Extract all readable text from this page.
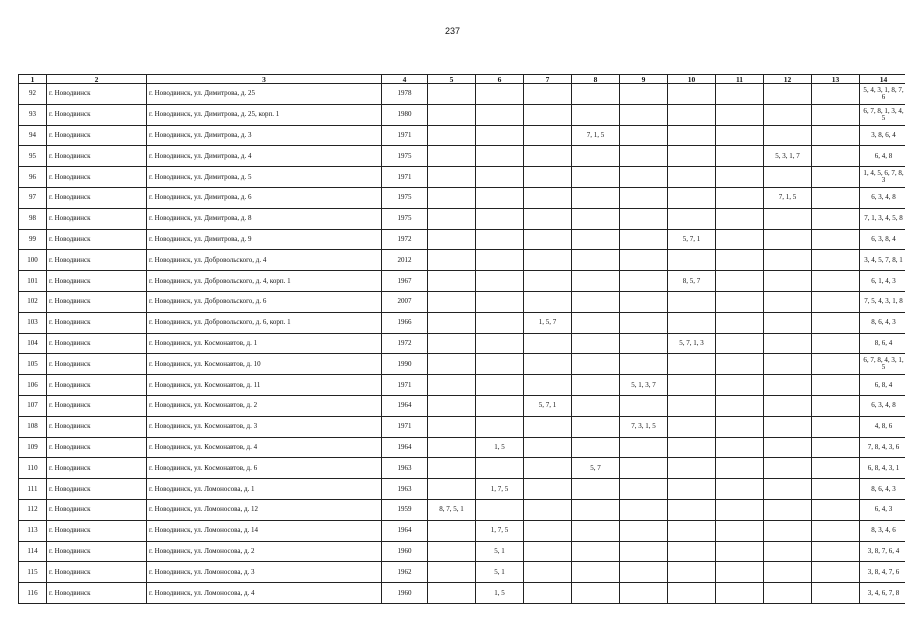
237
1	2	3	4	5	6	7	8	9	10	11	12	13	14
92	г. Новодвинск	г. Новодвинск, ул. Димитрова, д. 25	1978										5, 4, 3, 1, 8, 7, 6
93	г. Новодвинск	г. Новодвинск, ул. Димитрова, д. 25, корп. 1	1980										6, 7, 8, 1, 3, 4, 5
94	г. Новодвинск	г. Новодвинск, ул. Димитрова, д. 3	1971				7, 1, 5						3, 8, 6, 4
95	г. Новодвинск	г. Новодвинск, ул. Димитрова, д. 4	1975								5, 3, 1, 7		6, 4, 8
96	г. Новодвинск	г. Новодвинск, ул. Димитрова, д. 5	1971										1, 4, 5, 6, 7, 8, 3
97	г. Новодвинск	г. Новодвинск, ул. Димитрова, д. 6	1975								7, 1, 5		6, 3, 4, 8
98	г. Новодвинск	г. Новодвинск, ул. Димитрова, д. 8	1975										7, 1, 3, 4, 5, 8
99	г. Новодвинск	г. Новодвинск, ул. Димитрова, д. 9	1972						5, 7, 1				6, 3, 8, 4
100	г. Новодвинск	г. Новодвинск, ул. Добровольского, д. 4	2012										3, 4, 5, 7, 8, 1
101	г. Новодвинск	г. Новодвинск, ул. Добровольского, д. 4, корп. 1	1967						8, 5, 7				6, 1, 4, 3
102	г. Новодвинск	г. Новодвинск, ул. Добровольского, д. 6	2007										7, 5, 4, 3, 1, 8
103	г. Новодвинск	г. Новодвинск, ул. Добровольского, д. 6, корп. 1	1966			1, 5, 7							8, 6, 4, 3
104	г. Новодвинск	г. Новодвинск, ул. Космонавтов, д. 1	1972						5, 7, 1, 3				8, 6, 4
105	г. Новодвинск	г. Новодвинск, ул. Космонавтов, д. 10	1990										6, 7, 8, 4, 3, 1, 5
106	г. Новодвинск	г. Новодвинск, ул. Космонавтов, д. 11	1971					5, 1, 3, 7					6, 8, 4
107	г. Новодвинск	г. Новодвинск, ул. Космонавтов, д. 2	1964			5, 7, 1							6, 3, 4, 8
108	г. Новодвинск	г. Новодвинск, ул. Космонавтов, д. 3	1971					7, 3, 1, 5					4, 8, 6
109	г. Новодвинск	г. Новодвинск, ул. Космонавтов, д. 4	1964		1, 5								7, 8, 4, 3, 6
110	г. Новодвинск	г. Новодвинск, ул. Космонавтов, д. 6	1963				5, 7						6, 8, 4, 3, 1
111	г. Новодвинск	г. Новодвинск, ул. Ломоносова, д. 1	1963		1, 7, 5								8, 6, 4, 3
112	г. Новодвинск	г. Новодвинск, ул. Ломоносова, д. 12	1959	8, 7, 5, 1									6, 4, 3
113	г. Новодвинск	г. Новодвинск, ул. Ломоносова, д. 14	1964		1, 7, 5								8, 3, 4, 6
114	г. Новодвинск	г. Новодвинск, ул. Ломоносова, д. 2	1960		5, 1								3, 8, 7, 6, 4
115	г. Новодвинск	г. Новодвинск, ул. Ломоносова, д. 3	1962		5, 1								3, 8, 4, 7, 6
116	г. Новодвинск	г. Новодвинск, ул. Ломоносова, д. 4	1960		1, 5								3, 4, 6, 7, 8
